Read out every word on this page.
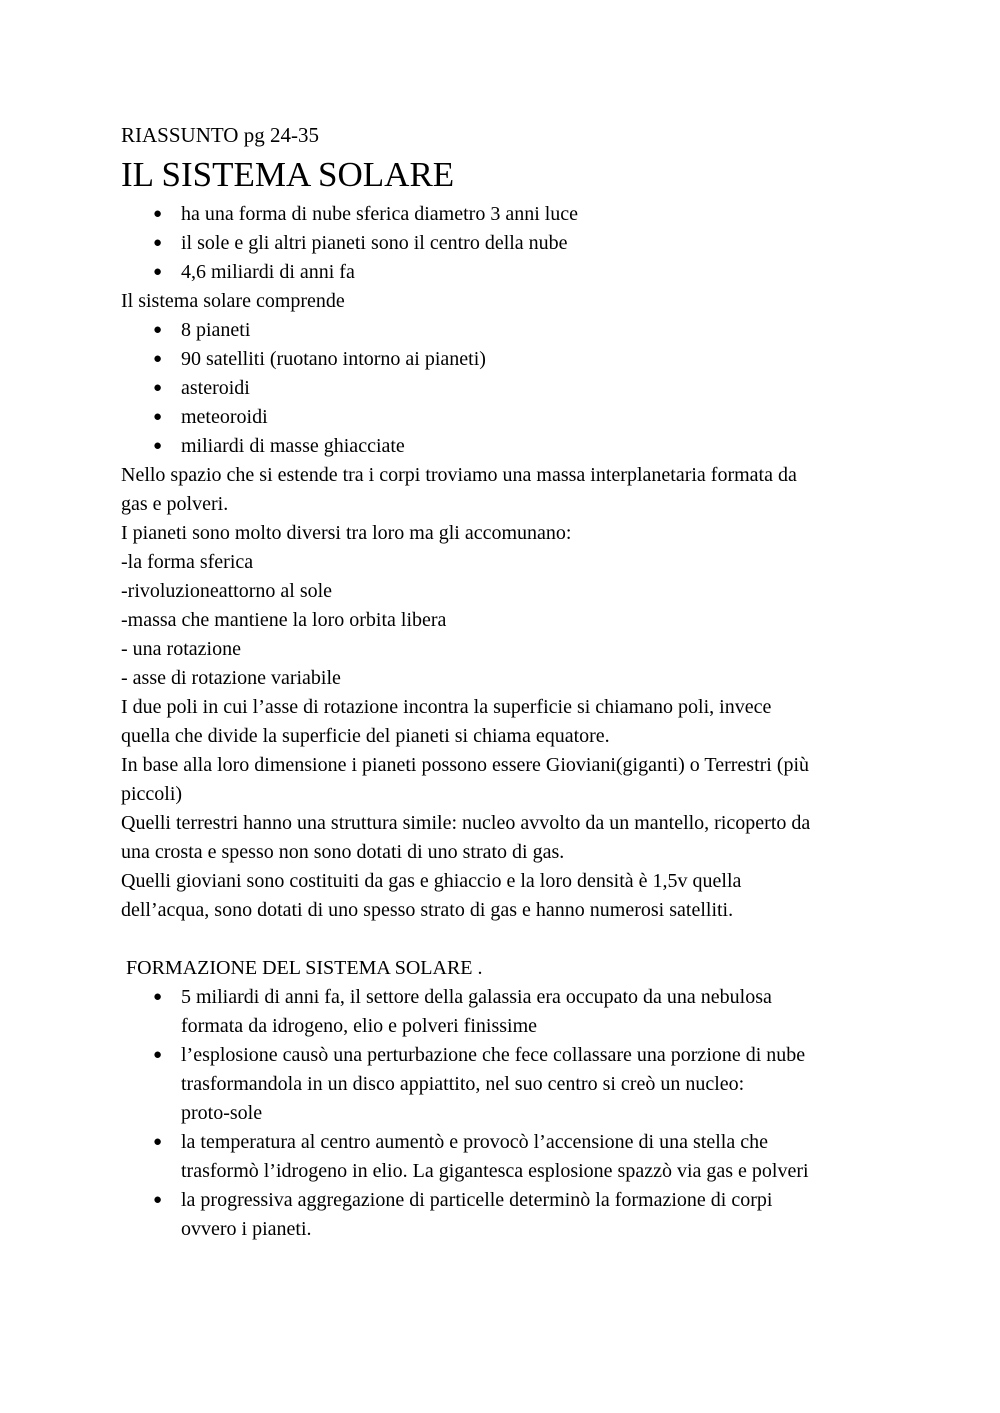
RIASSUNTO pg 24-35

IL SISTEMA SOLARE
● ha una forma di nube sferica diametro 3 anni luce
● il sole e gli altri pianeti sono il centro della nube
● 4,6 miliardi di anni fa

Il sistema solare comprende

● 8 pianeti
● 90 satelliti (ruotano intorno ai pianeti)
● asteroidi
● meteoroidi
● miliardi di masse ghiacciate

Nello spazio che si estende tra i corpi troviamo una massa interplanetaria formata da

gas e polveri.

I pianeti sono molto diversi tra loro ma gli accomunano:

-la forma sferica

-rivoluzioneattorno al sole

-massa che mantiene la loro orbita libera

- una rotazione

- asse di rotazione variabile

I due poli in cui l’asse di rotazione incontra la superficie si chiamano poli, invece

quella che divide la superficie del pianeti si chiama equatore.

In base alla loro dimensione i pianeti possono essere Gioviani(giganti) o Terrestri (più

piccoli)

Quelli terrestri hanno una struttura simile: nucleo avvolto da un mantello, ricoperto da

una crosta e spesso non sono dotati di uno strato di gas.

Quelli gioviani sono costituiti da gas e ghiaccio e la loro densità è 1,5v quella

dell’acqua, sono dotati di uno spesso strato di gas e hanno numerosi satelliti.

FORMAZIONE DEL SISTEMA SOLARE .
● 5 miliardi di anni fa, il settore della galassia era occupato da una nebulosa
formata da idrogeno, elio e polveri finissime
● l’esplosione causò una perturbazione che fece collassare una porzione di nube
trasformandola in un disco appiattito, nel suo centro si creò un nucleo:
proto-sole
● la temperatura al centro aumentò e provocò l’accensione di una stella che
trasformò l’idrogeno in elio. La gigantesca esplosione spazzò via gas e polveri
● la progressiva aggregazione di particelle determinò la formazione di corpi
ovvero i pianeti.
